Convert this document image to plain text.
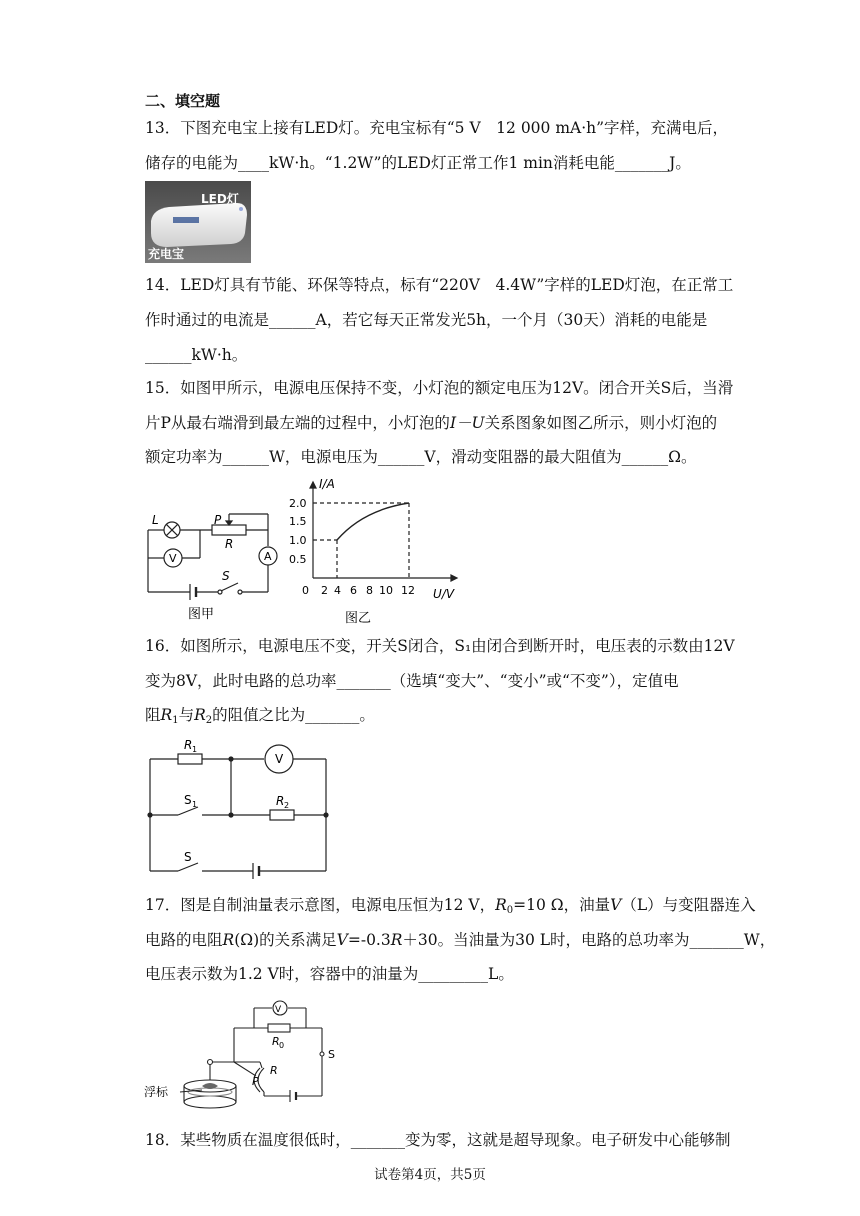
二、填空题
13．下图充电宝上接有LED灯。充电宝标有“5 V　12 000 mA·h”字样，充满电后，
储存的电能为____kW·h。“1.2W”的LED灯正常工作1 min消耗电能_______J。
LED灯
充电宝
14．LED灯具有节能、环保等特点，标有“220V　4.4W”字样的LED灯泡，在正常工
作时通过的电流是______A，若它每天正常发光5h，一个月（30天）消耗的电能是
______kW·h。
15．如图甲所示，电源电压保持不变，小灯泡的额定电压为12V。闭合开关S后，当滑
片P从最右端滑到最左端的过程中，小灯泡的I－U关系图象如图乙所示，则小灯泡的
额定功率为______W，电源电压为______V，滑动变阻器的最大阻值为______Ω。
L	P
R
V	A
S
图甲
I/A
U/V
2.0
1.5
1.0
0.5
0 2 4 6 8 10 12
图乙
16．如图所示，电源电压不变，开关S闭合，S₁由闭合到断开时，电压表的示数由12V
变为8V，此时电路的总功率_______（选填“变大”、“变小”或“不变”），定值电
阻$R_1$与$R_2$的阻值之比为_______。
R 1
V
S 1	R 2
S
17．图是自制油量表示意图，电源电压恒为12 V，$R_0=10$ Ω，油量V（L）与变阻器连入
电路的电阻R(Ω)的关系满足V=-0.3R＋30。当油量为30 L时，电路的总功率为_______W，
电压表示数为1.2 V时，容器中的油量为_________L。
V
R 0
S
P
R
浮标
18．某些物质在温度很低时，_______变为零，这就是超导现象。电子研发中心能够制
试卷第4页，共5页
